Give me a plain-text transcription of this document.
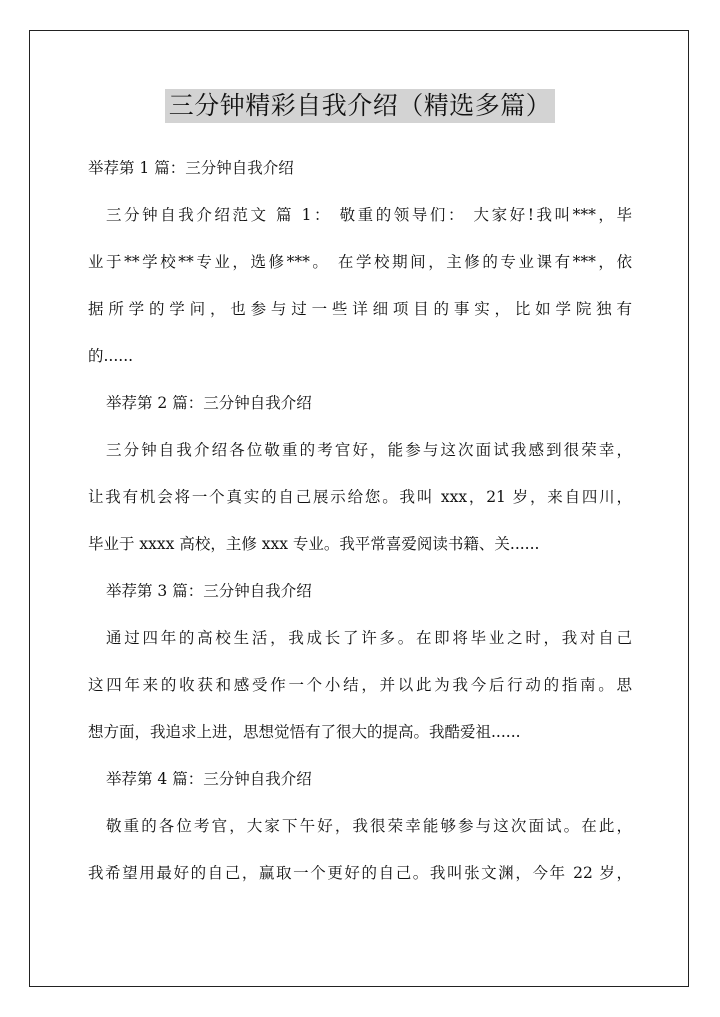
三分钟精彩自我介绍（精选多篇）
举荐第 1 篇：三分钟自我介绍
三分钟自我介绍范文 篇 1： 敬重的领导们： 大家好!我叫***，毕
业于**学校**专业，选修***。 在学校期间，主修的专业课有***，依
据所学的学问，也参与过一些详细项目的事实，比如学院独有
的......
举荐第 2 篇：三分钟自我介绍
三分钟自我介绍各位敬重的考官好，能参与这次面试我感到很荣幸，
让我有机会将一个真实的自己展示给您。我叫 xxx，21 岁，来自四川，
毕业于 xxxx 高校，主修 xxx 专业。我平常喜爱阅读书籍、关......
举荐第 3 篇：三分钟自我介绍
通过四年的高校生活，我成长了许多。在即将毕业之时，我对自己
这四年来的收获和感受作一个小结，并以此为我今后行动的指南。思
想方面，我追求上进，思想觉悟有了很大的提高。我酷爱祖......
举荐第 4 篇：三分钟自我介绍
敬重的各位考官，大家下午好，我很荣幸能够参与这次面试。在此，
我希望用最好的自己，赢取一个更好的自己。我叫张文渊，今年 22 岁，
